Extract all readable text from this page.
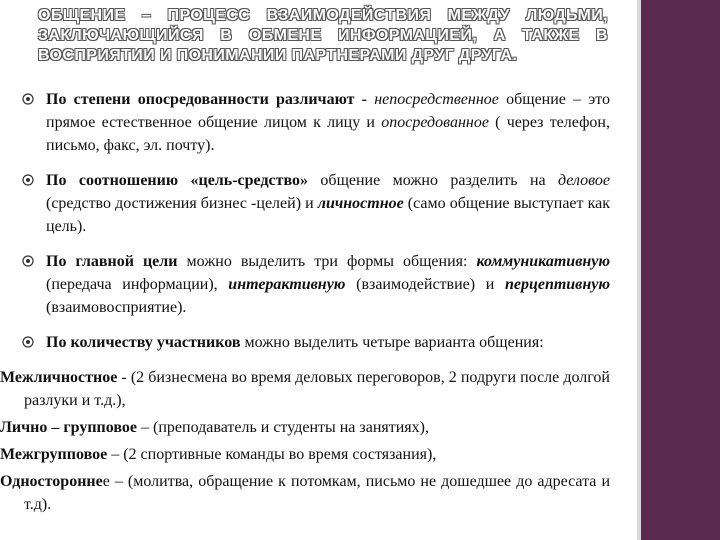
ОБЩЕНИЕ – ПРОЦЕСС ВЗАИМОДЕЙСТВИЯ МЕЖДУ ЛЮДЬМИ, ЗАКЛЮЧАЮЩИЙСЯ В ОБМЕНЕ ИНФОРМАЦИЕЙ, А ТАКЖЕ В ВОСПРИЯТИИ И ПОНИМАНИИ ПАРТНЕРАМИ ДРУГ ДРУГА.
По степени опосредованности различают - непосредственное общение – это прямое естественное общение лицом к лицу и опосредованное ( через телефон, письмо, факс, эл. почту).
По соотношению «цель-средство» общение можно разделить на деловое (средство достижения бизнес -целей) и личностное (само общение выступает как цель).
По главной цели можно выделить три формы общения: коммуникативную (передача информации), интерактивную (взаимодействие) и перцептивную (взаимовосприятие).
По количеству участников можно выделить четыре варианта общения:

Межличностное - (2 бизнесмена во время деловых переговоров, 2 подруги после долгой разлуки и т.д.),

Лично – групповое – (преподаватель и студенты на занятиях),

Межгрупповое – (2 спортивные команды во время состязания),

Одностороннее – (молитва, обращение к потомкам, письмо не дошедшее до адресата и т.д).
